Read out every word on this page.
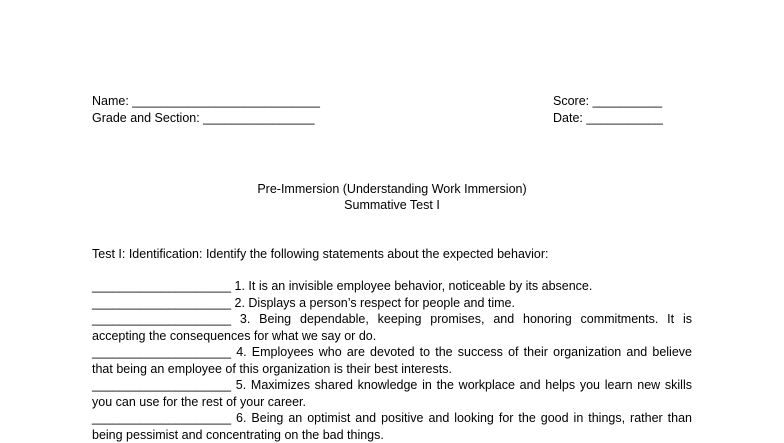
Name: ___________________________
Grade and Section: ________________
Score: __________
Date: ___________
Pre-Immersion (Understanding Work Immersion)
Summative Test I
Test I: Identification: Identify the following statements about the expected behavior:
____________________ 1. It is an invisible employee behavior, noticeable by its absence.
____________________ 2. Displays a person’s respect for people and time.
____________________ 3. Being dependable, keeping promises, and honoring commitments. It is accepting the consequences for what we say or do.
____________________ 4. Employees who are devoted to the success of their organization and believe that being an employee of this organization is their best interests.
____________________ 5. Maximizes shared knowledge in the workplace and helps you learn new skills you can use for the rest of your career.
____________________ 6. Being an optimist and positive and looking for the good in things, rather than being pessimist and concentrating on the bad things.
